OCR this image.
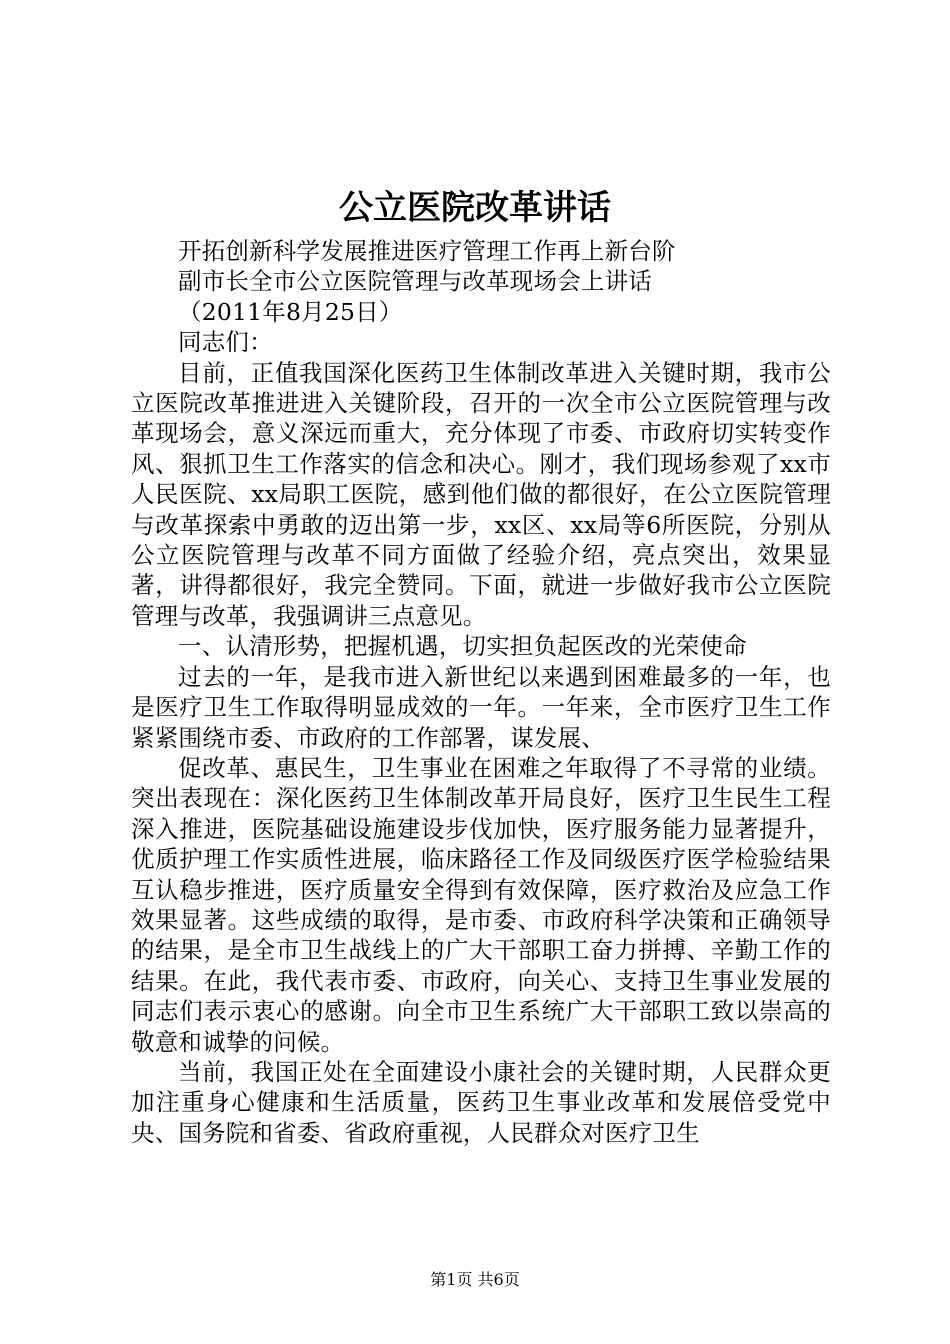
公立医院改革讲话

开拓创新科学发展推进医疗管理工作再上新台阶

副市长全市公立医院管理与改革现场会上讲话

（2011年8月25日）

同志们：

目前，正值我国深化医药卫生体制改革进入关键时期，我市公立医院改革推进进入关键阶段，召开的一次全市公立医院管理与改革现场会，意义深远而重大，充分体现了市委、市政府切实转变作风、狠抓卫生工作落实的信念和决心。刚才，我们现场参观了xx市人民医院、xx局职工医院，感到他们做的都很好，在公立医院管理与改革探索中勇敢的迈出第一步，xx区、xx局等6所医院，分别从公立医院管理与改革不同方面做了经验介绍，亮点突出，效果显著，讲得都很好，我完全赞同。下面，就进一步做好我市公立医院管理与改革，我强调讲三点意见。

一、认清形势，把握机遇，切实担负起医改的光荣使命

过去的一年，是我市进入新世纪以来遇到困难最多的一年，也是医疗卫生工作取得明显成效的一年。一年来，全市医疗卫生工作紧紧围绕市委、市政府的工作部署，谋发展、

促改革、惠民生，卫生事业在困难之年取得了不寻常的业绩。突出表现在：深化医药卫生体制改革开局良好，医疗卫生民生工程深入推进，医院基础设施建设步伐加快，医疗服务能力显著提升，优质护理工作实质性进展，临床路径工作及同级医疗医学检验结果互认稳步推进，医疗质量安全得到有效保障，医疗救治及应急工作效果显著。这些成绩的取得，是市委、市政府科学决策和正确领导的结果，是全市卫生战线上的广大干部职工奋力拼搏、辛勤工作的结果。在此，我代表市委、市政府，向关心、支持卫生事业发展的同志们表示衷心的感谢。向全市卫生系统广大干部职工致以崇高的敬意和诚挚的问候。

当前，我国正处在全面建设小康社会的关键时期，人民群众更加注重身心健康和生活质量，医药卫生事业改革和发展倍受党中央、国务院和省委、省政府重视，人民群众对医疗卫生

第1页 共6页
